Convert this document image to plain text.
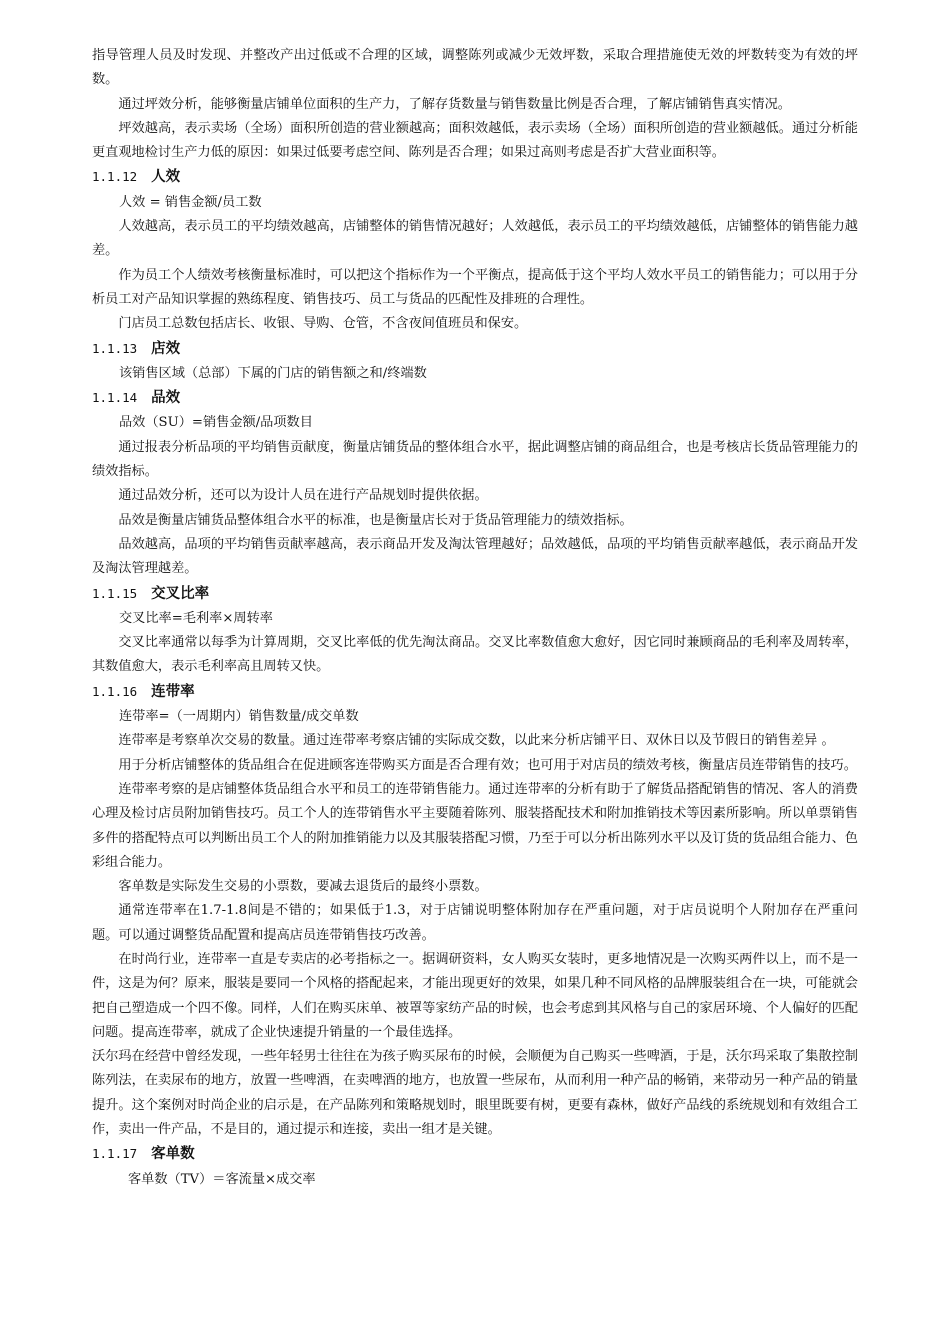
指导管理人员及时发现、并整改产出过低或不合理的区域，调整陈列或减少无效坪数，采取合理措施使无效的坪数转变为有效的坪数。

通过坪效分析，能够衡量店铺单位面积的生产力，了解存货数量与销售数量比例是否合理，了解店铺销售真实情况。

坪效越高，表示卖场（全场）面积所创造的营业额越高；面积效越低，表示卖场（全场）面积所创造的营业额越低。通过分析能更直观地检讨生产力低的原因：如果过低要考虑空间、陈列是否合理；如果过高则考虑是否扩大营业面积等。

1.1.12 人效

人效 = 销售金额/员工数

人效越高，表示员工的平均绩效越高，店铺整体的销售情况越好；人效越低，表示员工的平均绩效越低，店铺整体的销售能力越差。

作为员工个人绩效考核衡量标准时，可以把这个指标作为一个平衡点，提高低于这个平均人效水平员工的销售能力；可以用于分析员工对产品知识掌握的熟练程度、销售技巧、员工与货品的匹配性及排班的合理性。

门店员工总数包括店长、收银、导购、仓管，不含夜间值班员和保安。

1.1.13 店效

该销售区域（总部）下属的门店的销售额之和/终端数

1.1.14 品效

品效（SU）=销售金额/品项数目

通过报表分析品项的平均销售贡献度，衡量店铺货品的整体组合水平，据此调整店铺的商品组合，也是考核店长货品管理能力的绩效指标。

通过品效分析，还可以为设计人员在进行产品规划时提供依据。

品效是衡量店铺货品整体组合水平的标准，也是衡量店长对于货品管理能力的绩效指标。

品效越高，品项的平均销售贡献率越高，表示商品开发及淘汰管理越好；品效越低，品项的平均销售贡献率越低，表示商品开发及淘汰管理越差。

1.1.15 交叉比率

交叉比率=毛利率×周转率

交叉比率通常以每季为计算周期，交叉比率低的优先淘汰商品。交叉比率数值愈大愈好，因它同时兼顾商品的毛利率及周转率，其数值愈大，表示毛利率高且周转又快。

1.1.16 连带率

连带率=（一周期内）销售数量/成交单数

连带率是考察单次交易的数量。通过连带率考察店铺的实际成交数，以此来分析店铺平日、双休日以及节假日的销售差异 。

用于分析店铺整体的货品组合在促进顾客连带购买方面是否合理有效；也可用于对店员的绩效考核，衡量店员连带销售的技巧。

连带率考察的是店铺整体货品组合水平和员工的连带销售能力。通过连带率的分析有助于了解货品搭配销售的情况、客人的消费心理及检讨店员附加销售技巧。员工个人的连带销售水平主要随着陈列、服装搭配技术和附加推销技术等因素所影响。所以单票销售多件的搭配特点可以判断出员工个人的附加推销能力以及其服装搭配习惯，乃至于可以分析出陈列水平以及订货的货品组合能力、色彩组合能力。

客单数是实际发生交易的小票数，要减去退货后的最终小票数。

通常连带率在1.7-1.8间是不错的；如果低于1.3，对于店铺说明整体附加存在严重问题，对于店员说明个人附加存在严重问题。可以通过调整货品配置和提高店员连带销售技巧改善。

在时尚行业，连带率一直是专卖店的必考指标之一。据调研资料，女人购买女装时，更多地情况是一次购买两件以上，而不是一件，这是为何？原来，服装是要同一个风格的搭配起来，才能出现更好的效果，如果几种不同风格的品牌服装组合在一块，可能就会把自己塑造成一个四不像。同样，人们在购买床单、被罩等家纺产品的时候，也会考虑到其风格与自己的家居环境、个人偏好的匹配问题。提高连带率，就成了企业快速提升销量的一个最佳选择。

沃尔玛在经营中曾经发现，一些年轻男士往往在为孩子购买尿布的时候，会顺便为自己购买一些啤酒，于是，沃尔玛采取了集散控制陈列法，在卖尿布的地方，放置一些啤酒，在卖啤酒的地方，也放置一些尿布，从而利用一种产品的畅销，来带动另一种产品的销量提升。这个案例对时尚企业的启示是，在产品陈列和策略规划时，眼里既要有树，更要有森林，做好产品线的系统规划和有效组合工作，卖出一件产品，不是目的，通过提示和连接，卖出一组才是关键。

1.1.17 客单数

客单数（TV）＝客流量×成交率
